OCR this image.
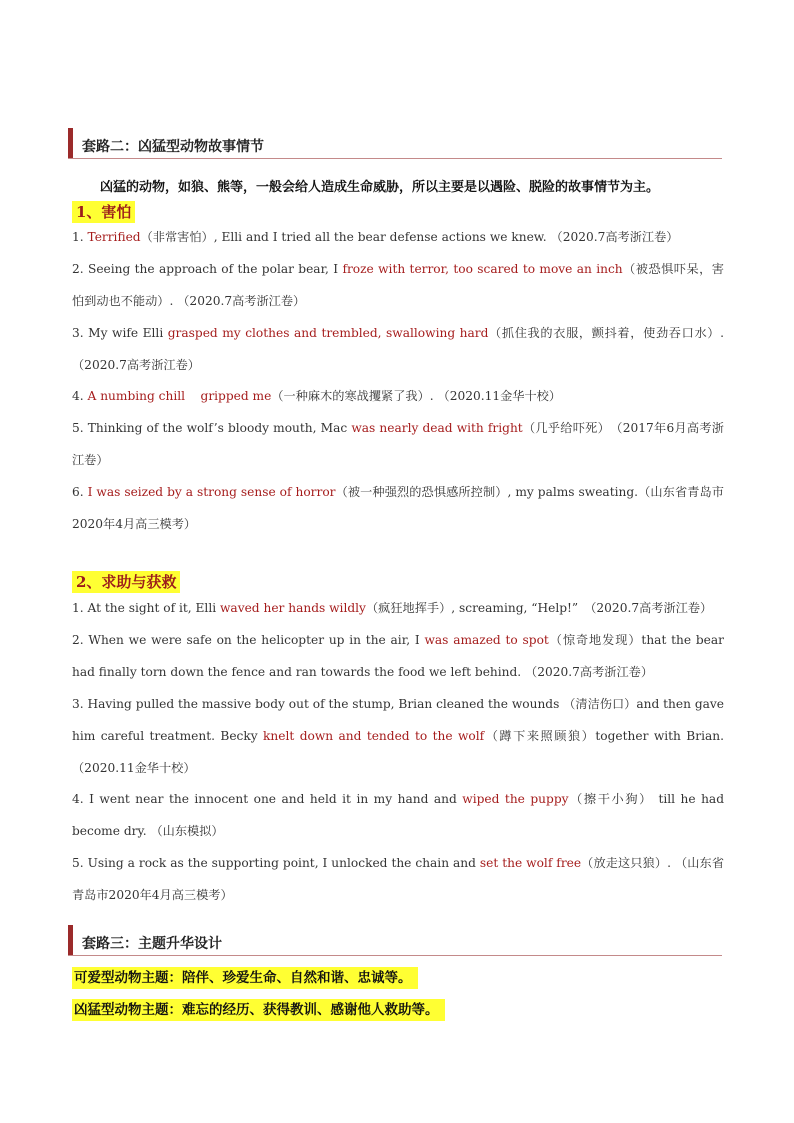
套路二：凶猛型动物故事情节
凶猛的动物，如狼、熊等，一般会给人造成生命威胁，所以主要是以遇险、脱险的故事情节为主。
1、害怕
1. Terrified（非常害怕）, Elli and I tried all the bear defense actions we knew. （2020.7高考浙江卷）
2. Seeing the approach of the polar bear, I froze with terror, too scared to move an inch（被恐惧吓呆，害怕到动也不能动）. （2020.7高考浙江卷）
3. My wife Elli grasped my clothes and trembled, swallowing hard（抓住我的衣服，颤抖着，使劲吞口水）. （2020.7高考浙江卷）
4. A numbing chill    gripped me（一种麻木的寒战攫紧了我）. （2020.11金华十校）
5. Thinking of the wolf’s bloody mouth, Mac was nearly dead with fright（几乎给吓死）　（2017年6月高考浙江卷）
6. I was seized by a strong sense of horror（被一种强烈的恐惧感所控制）, my palms sweating.（山东省青岛市2020年4月高三模考）
2、求助与获救
1. At the sight of it, Elli waved her hands wildly（疯狂地挥手）, screaming, “Help!”　（2020.7高考浙江卷）
2. When we were safe on the helicopter up in the air, I was amazed to spot（惊奇地发现）that the bear had finally torn down the fence and ran towards the food we left behind. （2020.7高考浙江卷）
3. Having pulled the massive body out of the stump, Brian cleaned the wounds （清洁伤口）and then gave him careful treatment. Becky knelt down and tended to the wolf（蹲下来照顾狼）together with Brian. （2020.11金华十校）
4. I went near the innocent one and held it in my hand and wiped the puppy（擦干小狗） till he had become dry. （山东模拟）
5. Using a rock as the supporting point, I unlocked the chain and set the wolf free（放走这只狼）. （山东省青岛市2020年4月高三模考）
套路三：主题升华设计
可爱型动物主题：陪伴、珍爱生命、自然和谐、忠诚等。
凶猛型动物主题：难忘的经历、获得教训、感谢他人救助等。
